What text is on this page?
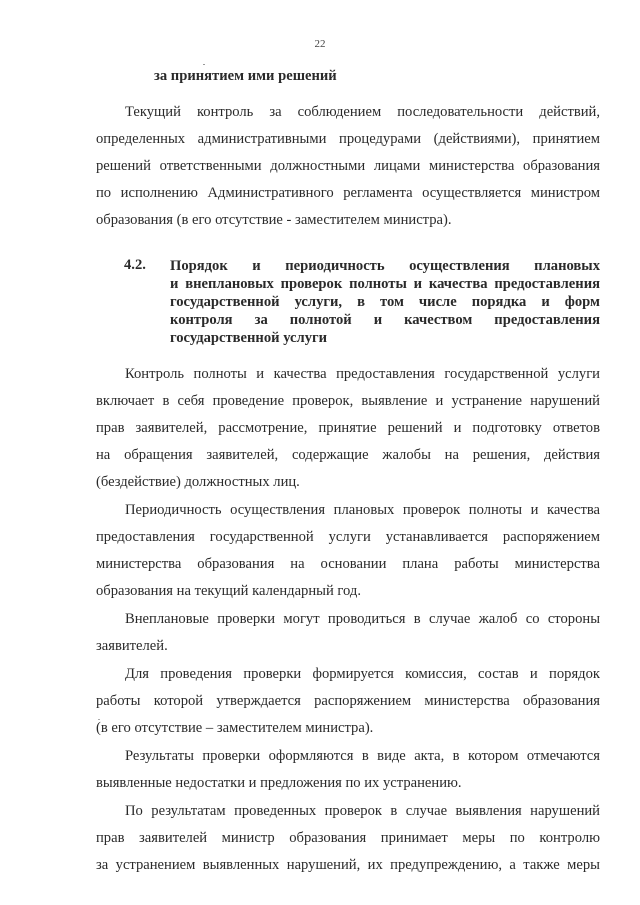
22
за принятием ими решений
Текущий контроль за соблюдением последовательности действий,
определенных административными процедурами (действиями), принятием
решений ответственными должностными лицами министерства образования
по исполнению Административного регламента осуществляется министром
образования (в его отсутствие - заместителем министра).
4.2. Порядок и периодичность осуществления плановых
и внеплановых проверок полноты и качества предоставления
государственной услуги, в том числе порядка и форм
контроля за полнотой и качеством предоставления
государственной услуги
Контроль полноты и качества предоставления государственной услуги
включает в себя проведение проверок, выявление и устранение нарушений
прав заявителей, рассмотрение, принятие решений и подготовку ответов
на обращения заявителей, содержащие жалобы на решения, действия
(бездействие) должностных лиц.
Периодичность осуществления плановых проверок полноты и качества
предоставления государственной услуги устанавливается распоряжением
министерства образования на основании плана работы министерства
образования на текущий календарный год.
Внеплановые проверки могут проводиться в случае жалоб со стороны
заявителей.
Для проведения проверки формируется комиссия, состав и порядок
работы которой утверждается распоряжением министерства образования
(в его отсутствие – заместителем министра).
Результаты проверки оформляются в виде акта, в котором отмечаются
выявленные недостатки и предложения по их устранению.
По результатам проведенных проверок в случае выявления нарушений
прав заявителей министр образования принимает меры по контролю
за устранением выявленных нарушений, их предупреждению, а также меры
